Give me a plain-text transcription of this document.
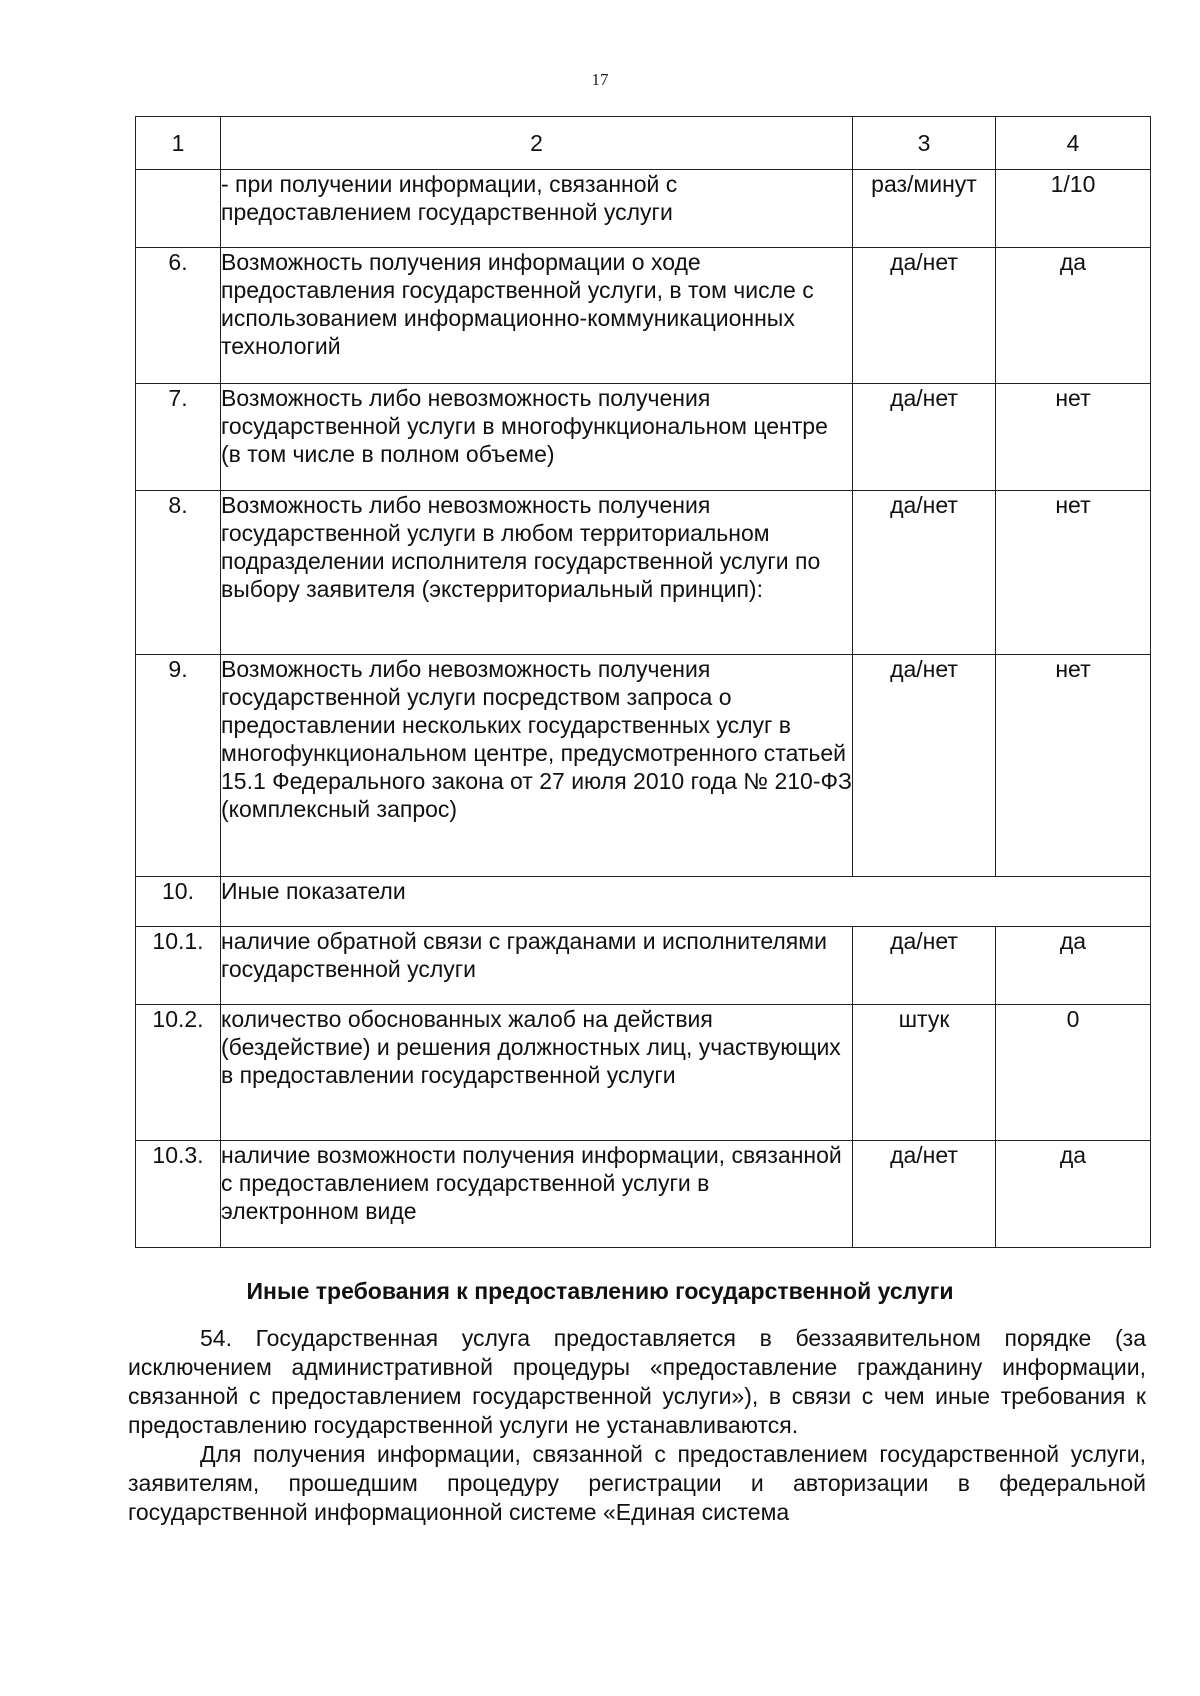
17
1	2	3	4
	- при получении информации, связанной с предоставлением государственной услуги	раз/минут	1/10
6.	Возможность получения информации о ходе предоставления государственной услуги, в том числе с использованием информационно-коммуникационных технологий	да/нет	да
7.	Возможность либо невозможность получения государственной услуги в многофункциональном центре (в том числе в полном объеме)	да/нет	нет
8.	Возможность либо невозможность получения государственной услуги в любом территориальном подразделении исполнителя государственной услуги по выбору заявителя (экстерриториальный принцип):	да/нет	нет
9.	Возможность либо невозможность получения государственной услуги посредством запроса о предоставлении нескольких государственных услуг в многофункциональном центре, предусмотренного статьей 15.1 Федерального закона от 27 июля 2010 года № 210-ФЗ (комплексный запрос)	да/нет	нет
10.	Иные показатели		
10.1.	наличие обратной связи с гражданами и исполнителями государственной услуги	да/нет	да
10.2.	количество обоснованных жалоб на действия (бездействие) и решения должностных лиц, участвующих в предоставлении государственной услуги	штук	0
10.3.	наличие возможности получения информации, связанной с предоставлением государственной услуги в электронном виде	да/нет	да
Иные требования к предоставлению государственной услуги

54. Государственная услуга предоставляется в беззаявительном порядке (за исключением административной процедуры «предоставление гражданину информации, связанной с предоставлением государственной услуги»), в связи с чем иные требования к предоставлению государственной услуги не устанавливаются.

Для получения информации, связанной с предоставлением государственной услуги, заявителям, прошедшим процедуру регистрации и авторизации в федеральной государственной информационной системе «Единая система
